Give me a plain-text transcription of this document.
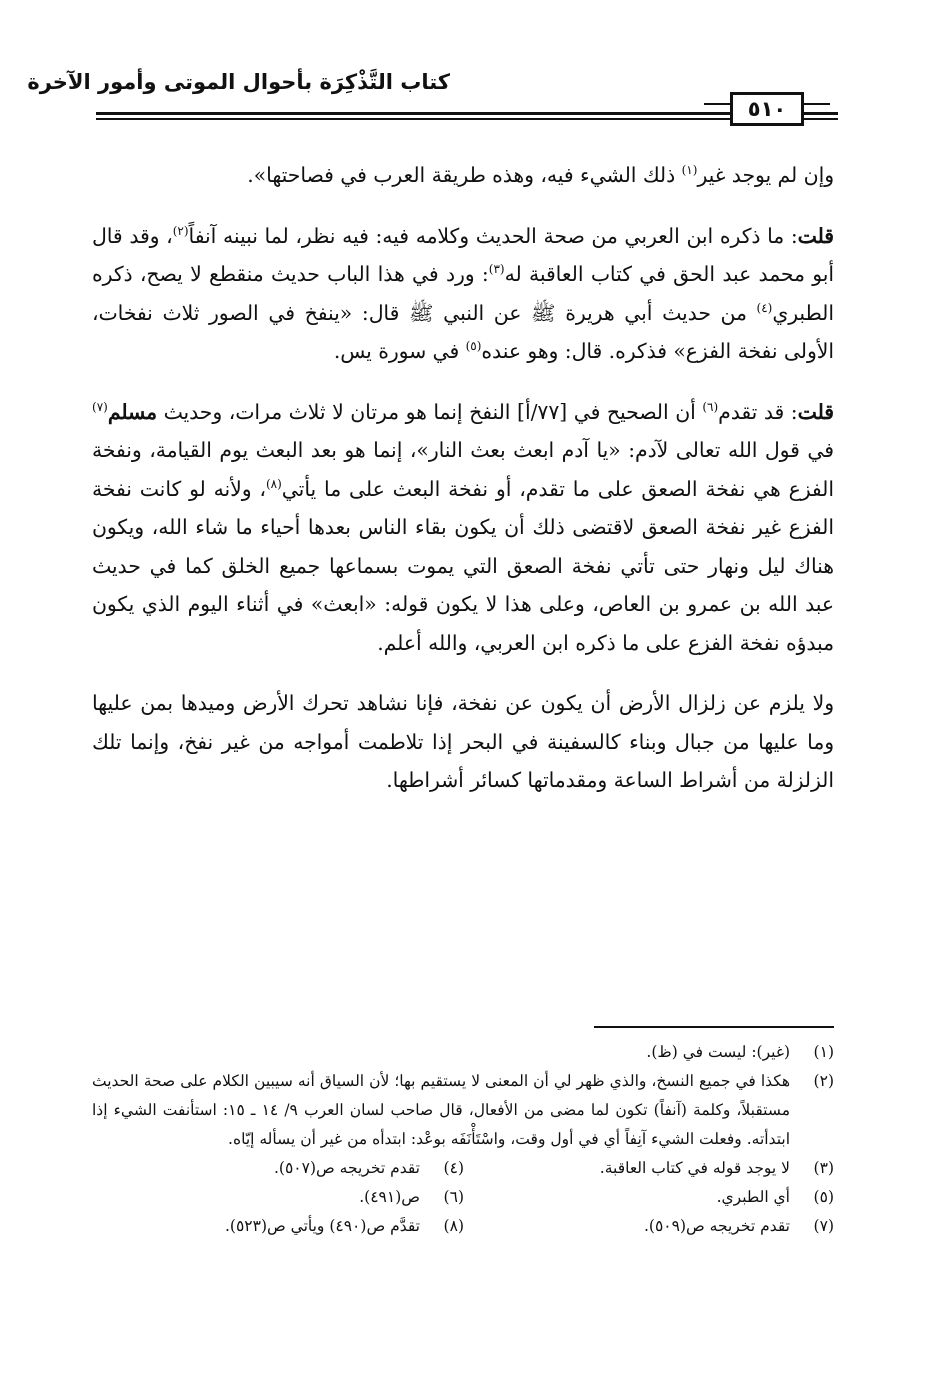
كتاب التَّذْكِرَة بأحوال الموتى وأمور الآخرة
٥١٠

وإن لم يوجد غير$^{(١)}$ ذلك الشيء فيه، وهذه طريقة العرب في فصاحتها».

قلت: ما ذكره ابن العربي من صحة الحديث وكلامه فيه: فيه نظر، لما نبينه آنفاً$^{(٢)}$، وقد قال أبو محمد عبد الحق في كتاب العاقبة له$^{(٣)}$: ورد في هذا الباب حديث منقطع لا يصح، ذكره الطبري$^{(٤)}$ من حديث أبي هريرة ﷺ عن النبي ﷺ قال: «ينفخ في الصور ثلاث نفخات، الأولى نفخة الفزع» فذكره. قال: وهو عنده$^{(٥)}$ في سورة يس.

قلت: قد تقدم$^{(٦)}$ أن الصحيح في [٧٧/أ] النفخ إنما هو مرتان لا ثلاث مرات، وحديث مسلم$^{(٧)}$ في قول الله تعالى لآدم: «يا آدم ابعث بعث النار»، إنما هو بعد البعث يوم القيامة، ونفخة الفزع هي نفخة الصعق على ما تقدم، أو نفخة البعث على ما يأتي$^{(٨)}$، ولأنه لو كانت نفخة الفزع غير نفخة الصعق لاقتضى ذلك أن يكون بقاء الناس بعدها أحياء ما شاء الله، ويكون هناك ليل ونهار حتى تأتي نفخة الصعق التي يموت بسماعها جميع الخلق كما في حديث عبد الله بن عمرو بن العاص، وعلى هذا لا يكون قوله: «ابعث» في أثناء اليوم الذي يكون مبدؤه نفخة الفزع على ما ذكره ابن العربي، والله أعلم.

ولا يلزم عن زلزال الأرض أن يكون عن نفخة، فإنا نشاهد تحرك الأرض وميدها بمن عليها وما عليها من جبال وبناء كالسفينة في البحر إذا تلاطمت أمواجه من غير نفخ، وإنما تلك الزلزلة من أشراط الساعة ومقدماتها كسائر أشراطها.

(١)
(غير): ليست في (ظ).
(٢)
هكذا في جميع النسخ، والذي ظهر لي أن المعنى لا يستقيم بها؛ لأن السياق أنه سيبين الكلام على صحة الحديث مستقبلاً، وكلمة (آنفاً) تكون لما مضى من الأفعال، قال صاحب لسان العرب ٩/ ١٤ ـ ١٥: استأنفت الشيء إذا ابتدأته. وفعلت الشيء آنِفاً أي في أول وقت، واسْتَأْنَفَه بوعْد: ابتدأه من غير أن يسأله إيّاه.
(٣)
لا يوجد قوله في كتاب العاقبة.
(٤)
تقدم تخريجه ص(٥٠٧).
(٥)
أي الطبري.
(٦)
ص(٤٩١).
(٧)
تقدم تخريجه ص(٥٠٩).
(٨)
تقدَّم ص(٤٩٠) ويأتي ص(٥٢٣).
